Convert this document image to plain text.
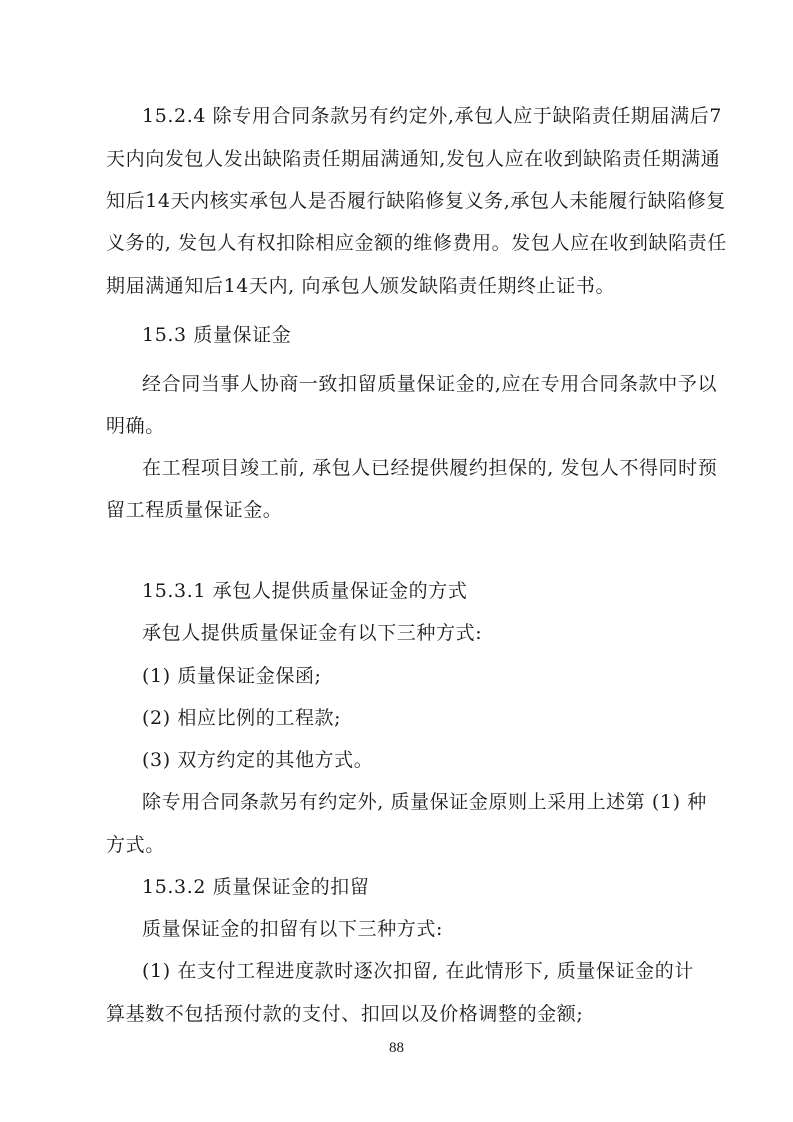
15.2.4 除专用合同条款另有约定外,承包人应于缺陷责任期届满后7
天内向发包人发出缺陷责任期届满通知,发包人应在收到缺陷责任期满通
知后14天内核实承包人是否履行缺陷修复义务,承包人未能履行缺陷修复
义务的, 发包人有权扣除相应金额的维修费用。发包人应在收到缺陷责任
期届满通知后14天内, 向承包人颁发缺陷责任期终止证书。
15.3 质量保证金
经合同当事人协商一致扣留质量保证金的,应在专用合同条款中予以
明确。
在工程项目竣工前, 承包人已经提供履约担保的, 发包人不得同时预
留工程质量保证金。
15.3.1 承包人提供质量保证金的方式
承包人提供质量保证金有以下三种方式:
(1) 质量保证金保函;
(2) 相应比例的工程款;
(3) 双方约定的其他方式。
除专用合同条款另有约定外, 质量保证金原则上采用上述第 (1) 种
方式。
15.3.2 质量保证金的扣留
质量保证金的扣留有以下三种方式:
(1) 在支付工程进度款时逐次扣留, 在此情形下, 质量保证金的计
算基数不包括预付款的支付、扣回以及价格调整的金额;
88
